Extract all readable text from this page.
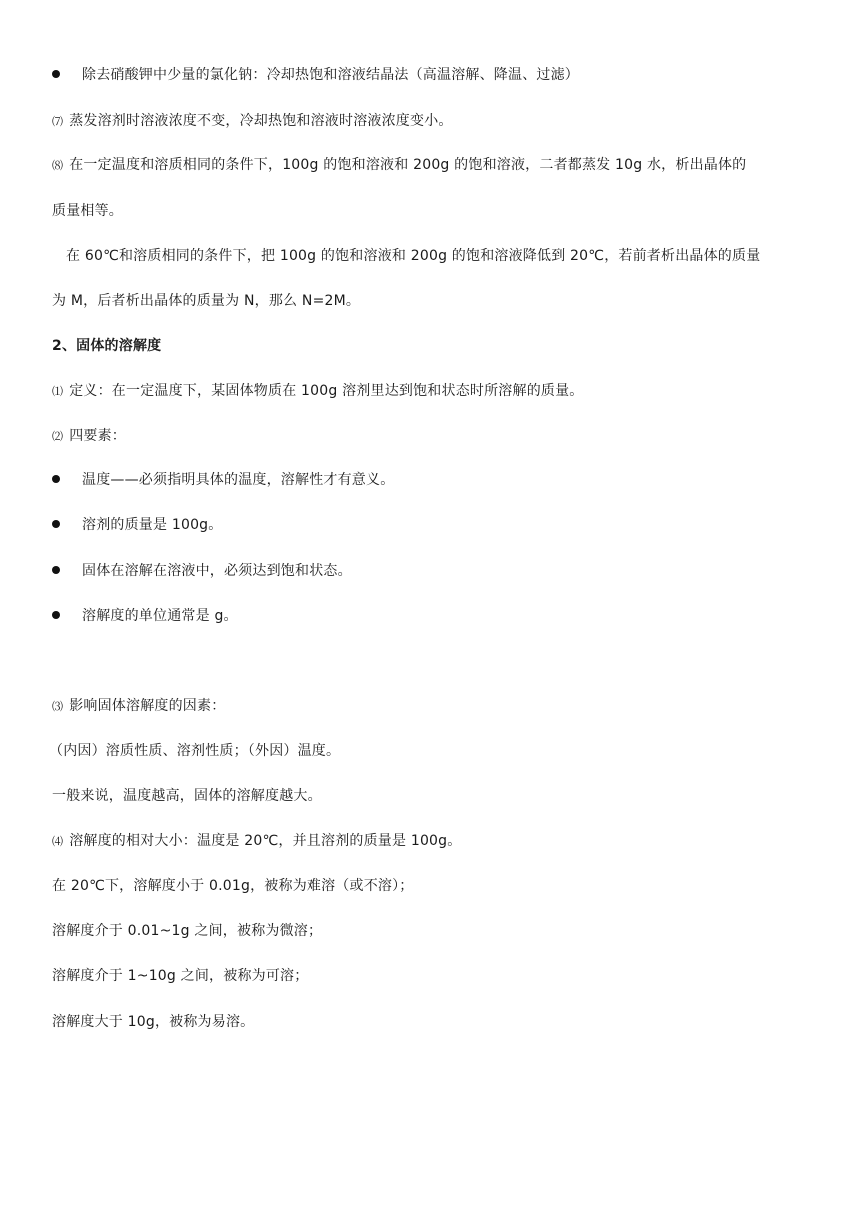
除去硝酸钾中少量的氯化钠：冷却热饱和溶液结晶法（高温溶解、降温、过滤）
⑺ 蒸发溶剂时溶液浓度不变，冷却热饱和溶液时溶液浓度变小。
⑻ 在一定温度和溶质相同的条件下，100g 的饱和溶液和 200g 的饱和溶液，二者都蒸发 10g 水，析出晶体的
质量相等。
在 60℃和溶质相同的条件下，把 100g 的饱和溶液和 200g 的饱和溶液降低到 20℃，若前者析出晶体的质量
为 M，后者析出晶体的质量为 N，那么 N=2M。
2、固体的溶解度
⑴ 定义：在一定温度下，某固体物质在 100g 溶剂里达到饱和状态时所溶解的质量。
⑵ 四要素：
温度——必须指明具体的温度，溶解性才有意义。
溶剂的质量是 100g。
固体在溶解在溶液中，必须达到饱和状态。
溶解度的单位通常是 g。
⑶ 影响固体溶解度的因素：
（内因）溶质性质、溶剂性质；（外因）温度。
一般来说，温度越高，固体的溶解度越大。
⑷ 溶解度的相对大小：温度是 20℃，并且溶剂的质量是 100g。
在 20℃下，溶解度小于 0.01g，被称为难溶（或不溶）；
溶解度介于 0.01~1g 之间，被称为微溶；
溶解度介于 1~10g 之间，被称为可溶；
溶解度大于 10g，被称为易溶。
